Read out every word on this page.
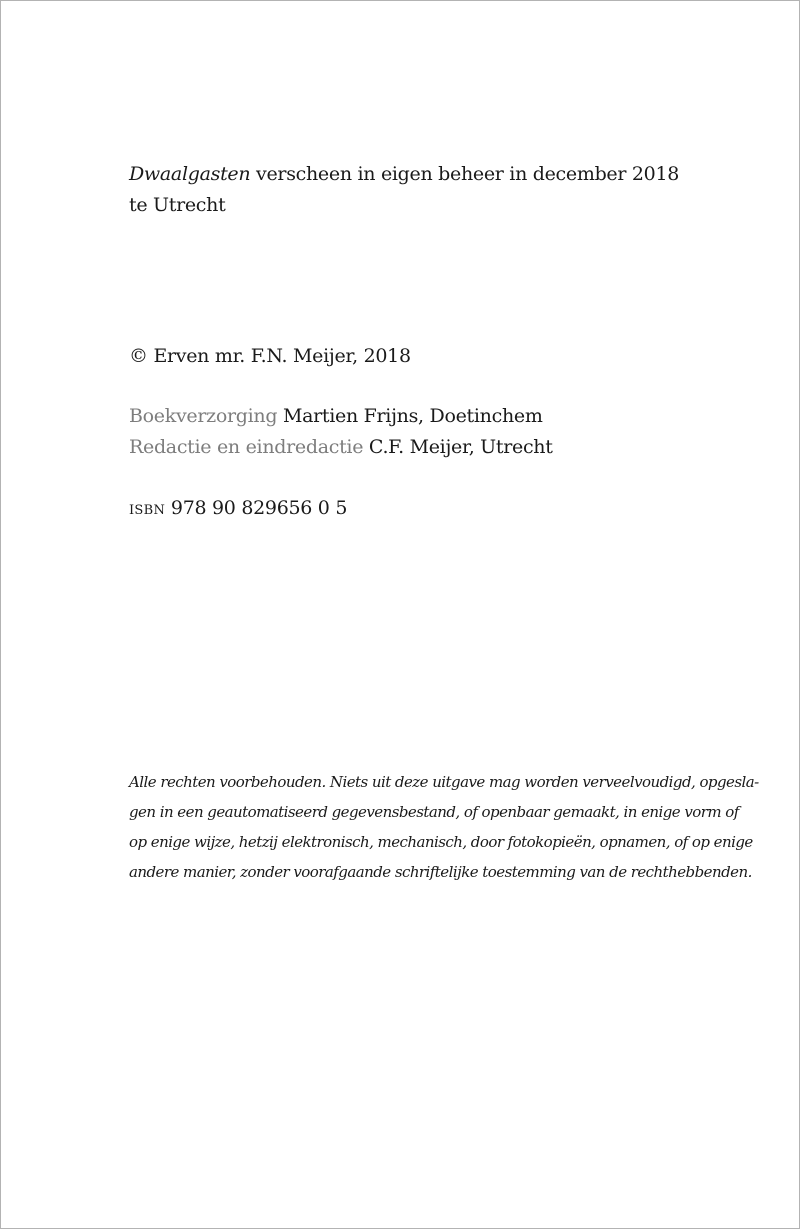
Dwaalgasten verscheen in eigen beheer in december 2018
te Utrecht
© Erven mr. F.N. Meijer, 2018
Boekverzorging Martien Frijns, Doetinchem
Redactie en eindredactie C.F. Meijer, Utrecht
isbn 978 90 829656 0 5
Alle rechten voorbehouden. Niets uit deze uitgave mag worden verveelvoudigd, opgesla-
gen in een geautomatiseerd gegevensbestand, of openbaar gemaakt, in enige vorm of
op enige wijze, hetzij elektronisch, mechanisch, door fotokopieën, opnamen, of op enige
andere manier, zonder voorafgaande schriftelijke toestemming van de rechthebbenden.
